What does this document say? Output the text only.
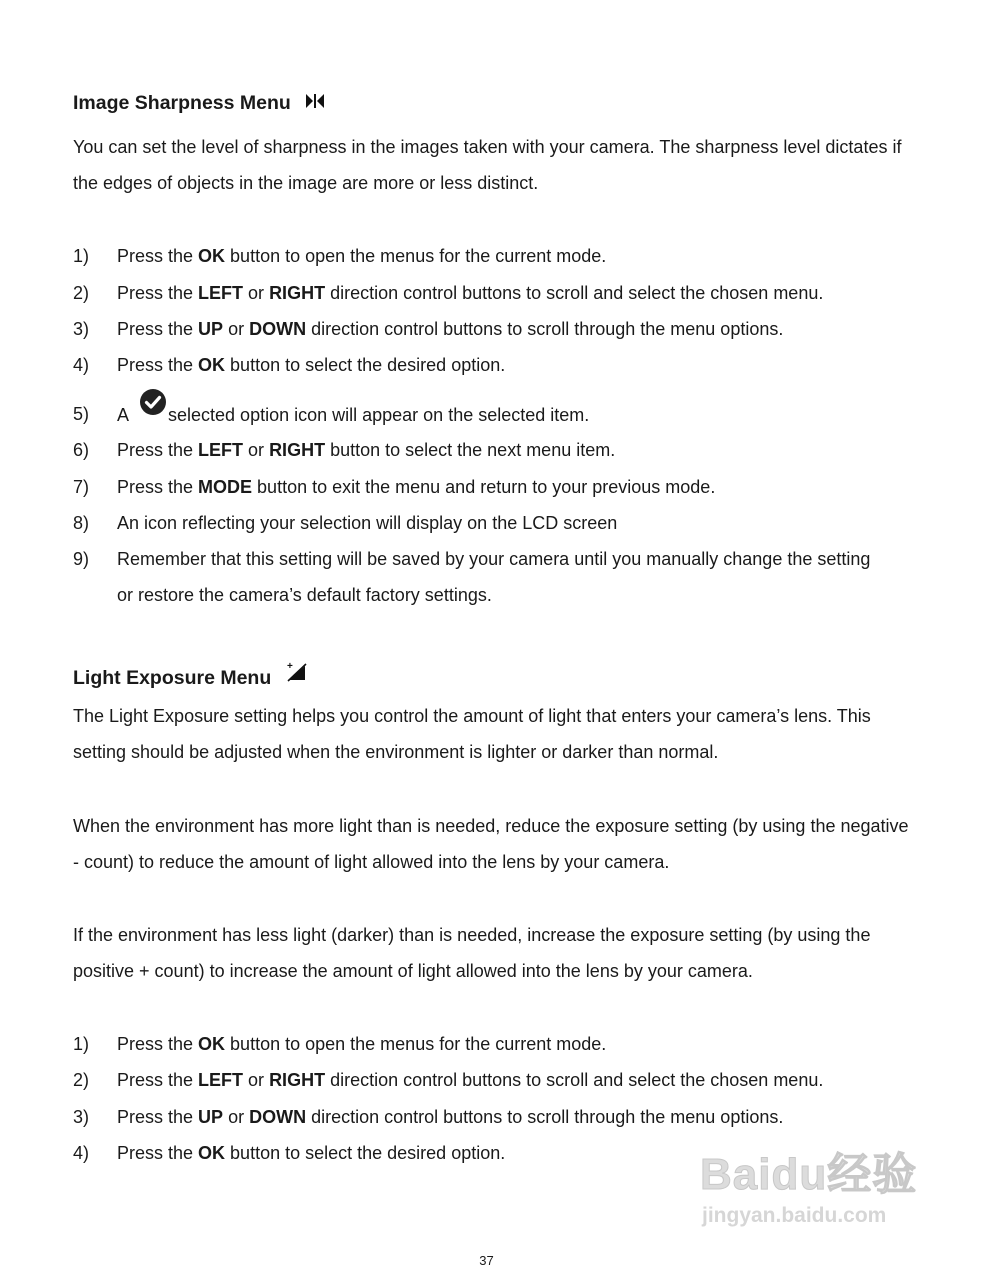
Image Sharpness Menu

You can set the level of sharpness in the images taken with your camera. The sharpness level dictates if the edges of objects in the image are more or less distinct.

1) Press the OK button to open the menus for the current mode.
2) Press the LEFT or RIGHT direction control buttons to scroll and select the chosen menu.
3) Press the UP or DOWN direction control buttons to scroll through the menu options.
4) Press the OK button to select the desired option.
5) A selected option icon will appear on the selected item.
6) Press the LEFT or RIGHT button to select the next menu item.
7) Press the MODE button to exit the menu and return to your previous mode.
8) An icon reflecting your selection will display on the LCD screen
9) Remember that this setting will be saved by your camera until you manually change the setting or restore the camera’s default factory settings.
Light Exposure Menu +

The Light Exposure setting helps you control the amount of light that enters your camera’s lens. This setting should be adjusted when the environment is lighter or darker than normal.

When the environment has more light than is needed, reduce the exposure setting (by using the negative - count) to reduce the amount of light allowed into the lens by your camera.

If the environment has less light (darker) than is needed, increase the exposure setting (by using the positive + count) to increase the amount of light allowed into the lens by your camera.

1) Press the OK button to open the menus for the current mode.
2) Press the LEFT or RIGHT direction control buttons to scroll and select the chosen menu.
3) Press the UP or DOWN direction control buttons to scroll through the menu options.
4) Press the OK button to select the desired option.	Baidu经验
jingyan.baidu.com
37
